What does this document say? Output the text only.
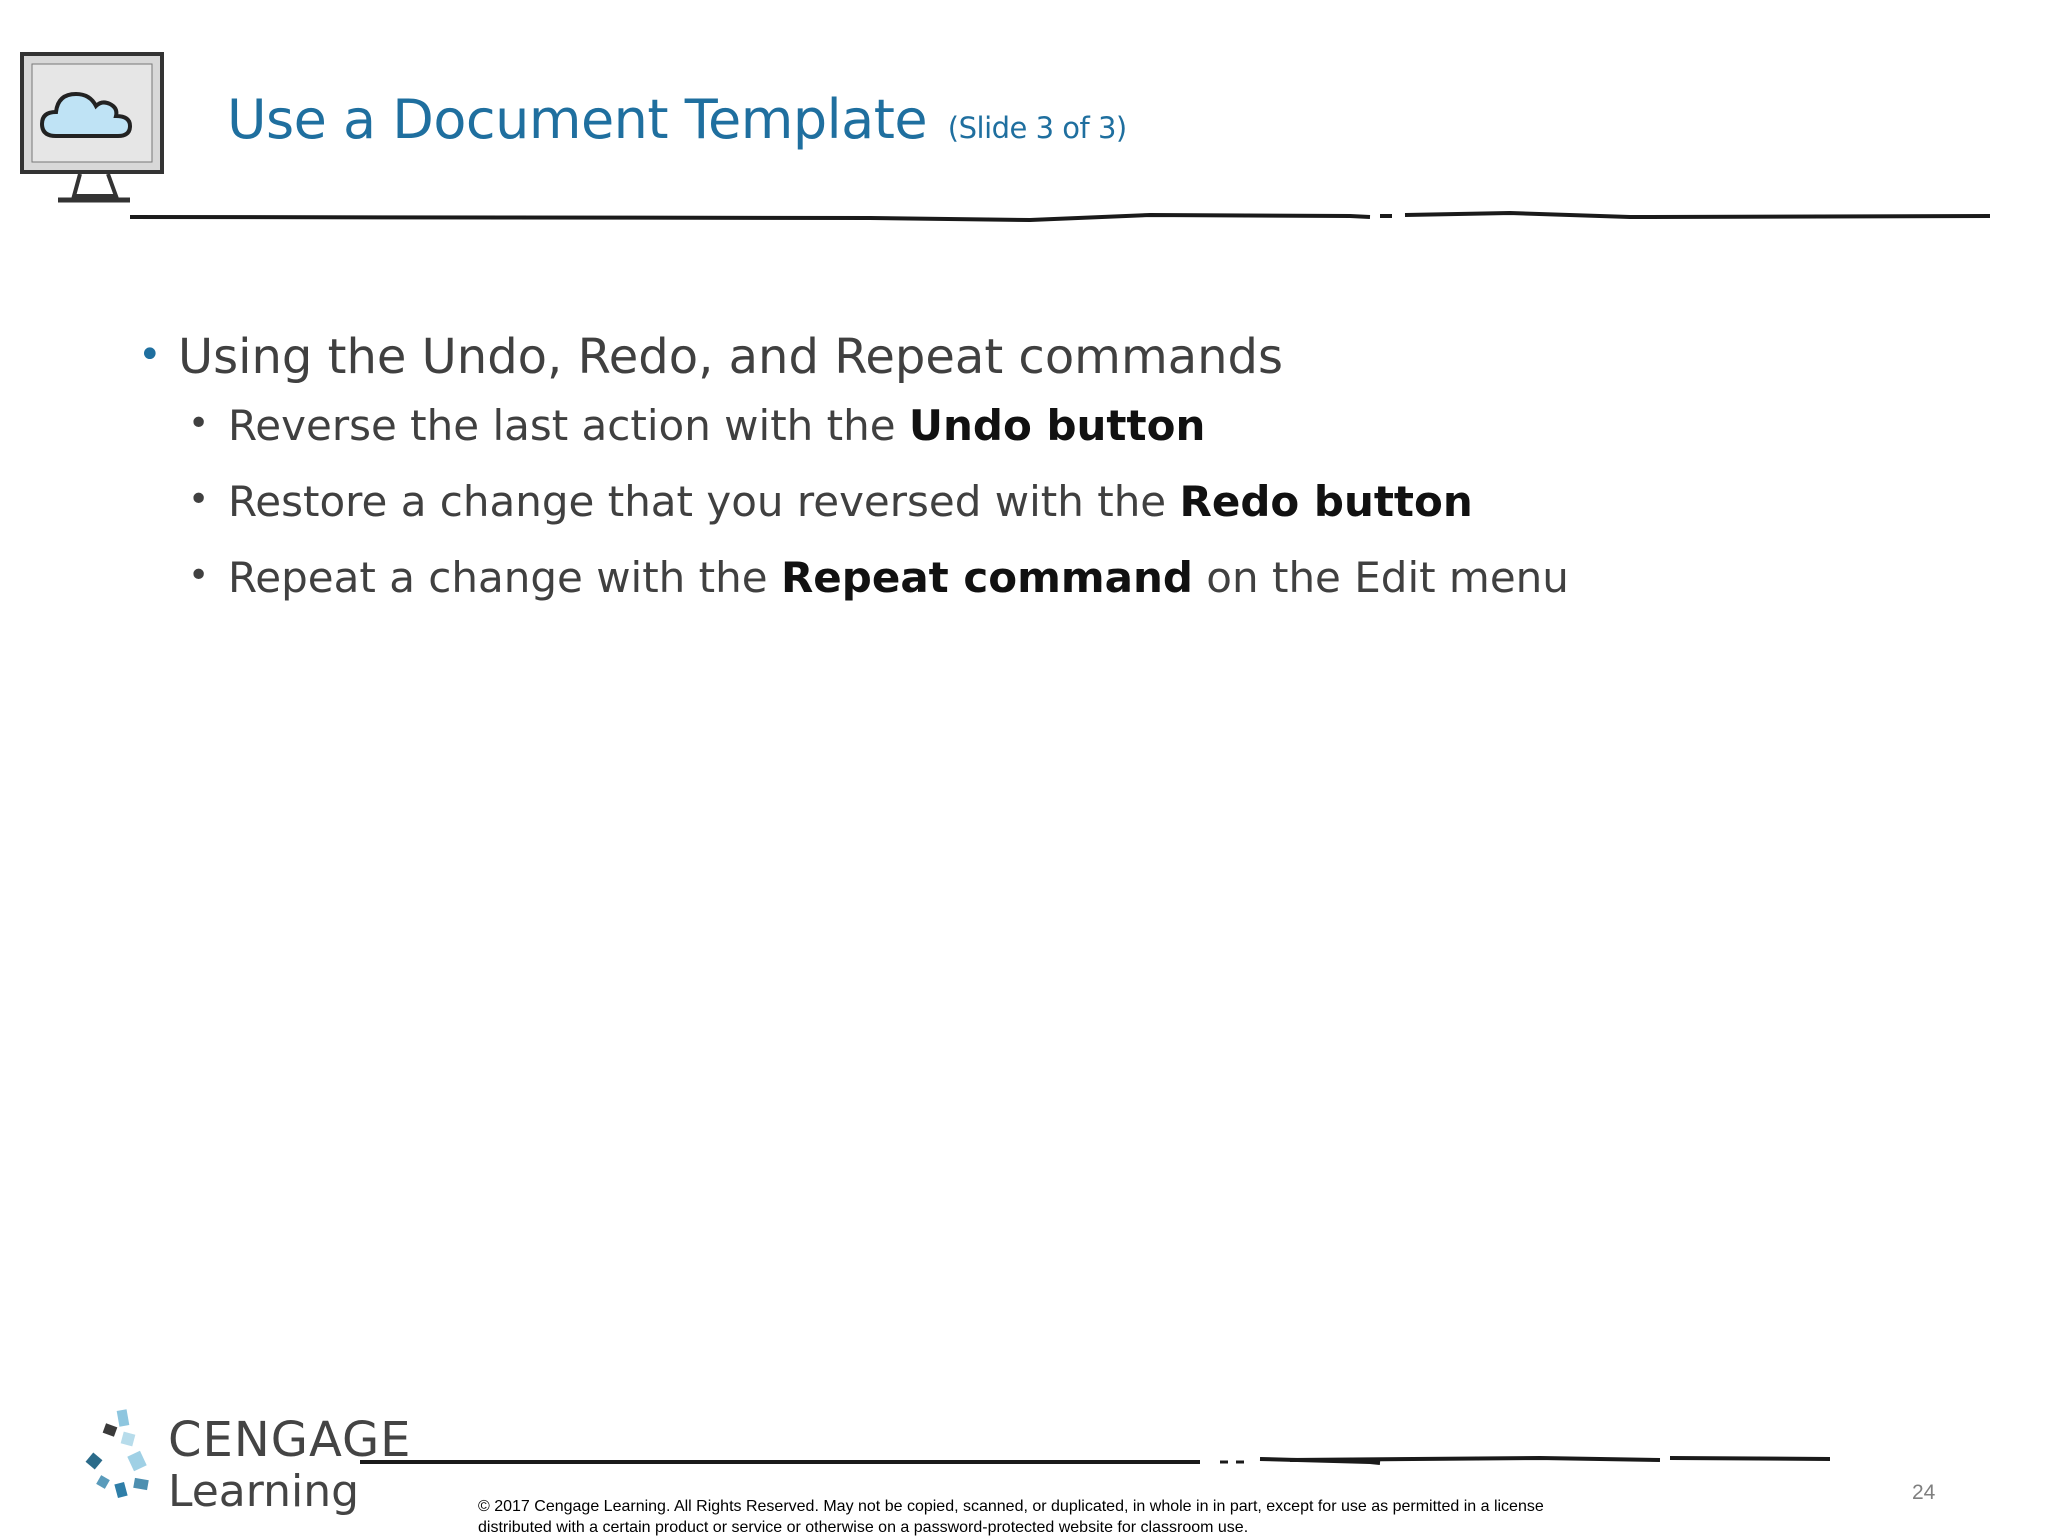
Use a Document Template (Slide 3 of 3)
• Using the Undo, Redo, and Repeat commands
• Reverse the last action with the Undo button
• Restore a change that you reversed with the Redo button
• Repeat a change with the Repeat command on the Edit menu
CENGAGE
Learning	© 2017 Cengage Learning. All Rights Reserved. May not be copied, scanned, or duplicated, in whole in in part, except for use as permitted in a license
distributed with a certain product or service or otherwise on a password-protected website for classroom use.
24
